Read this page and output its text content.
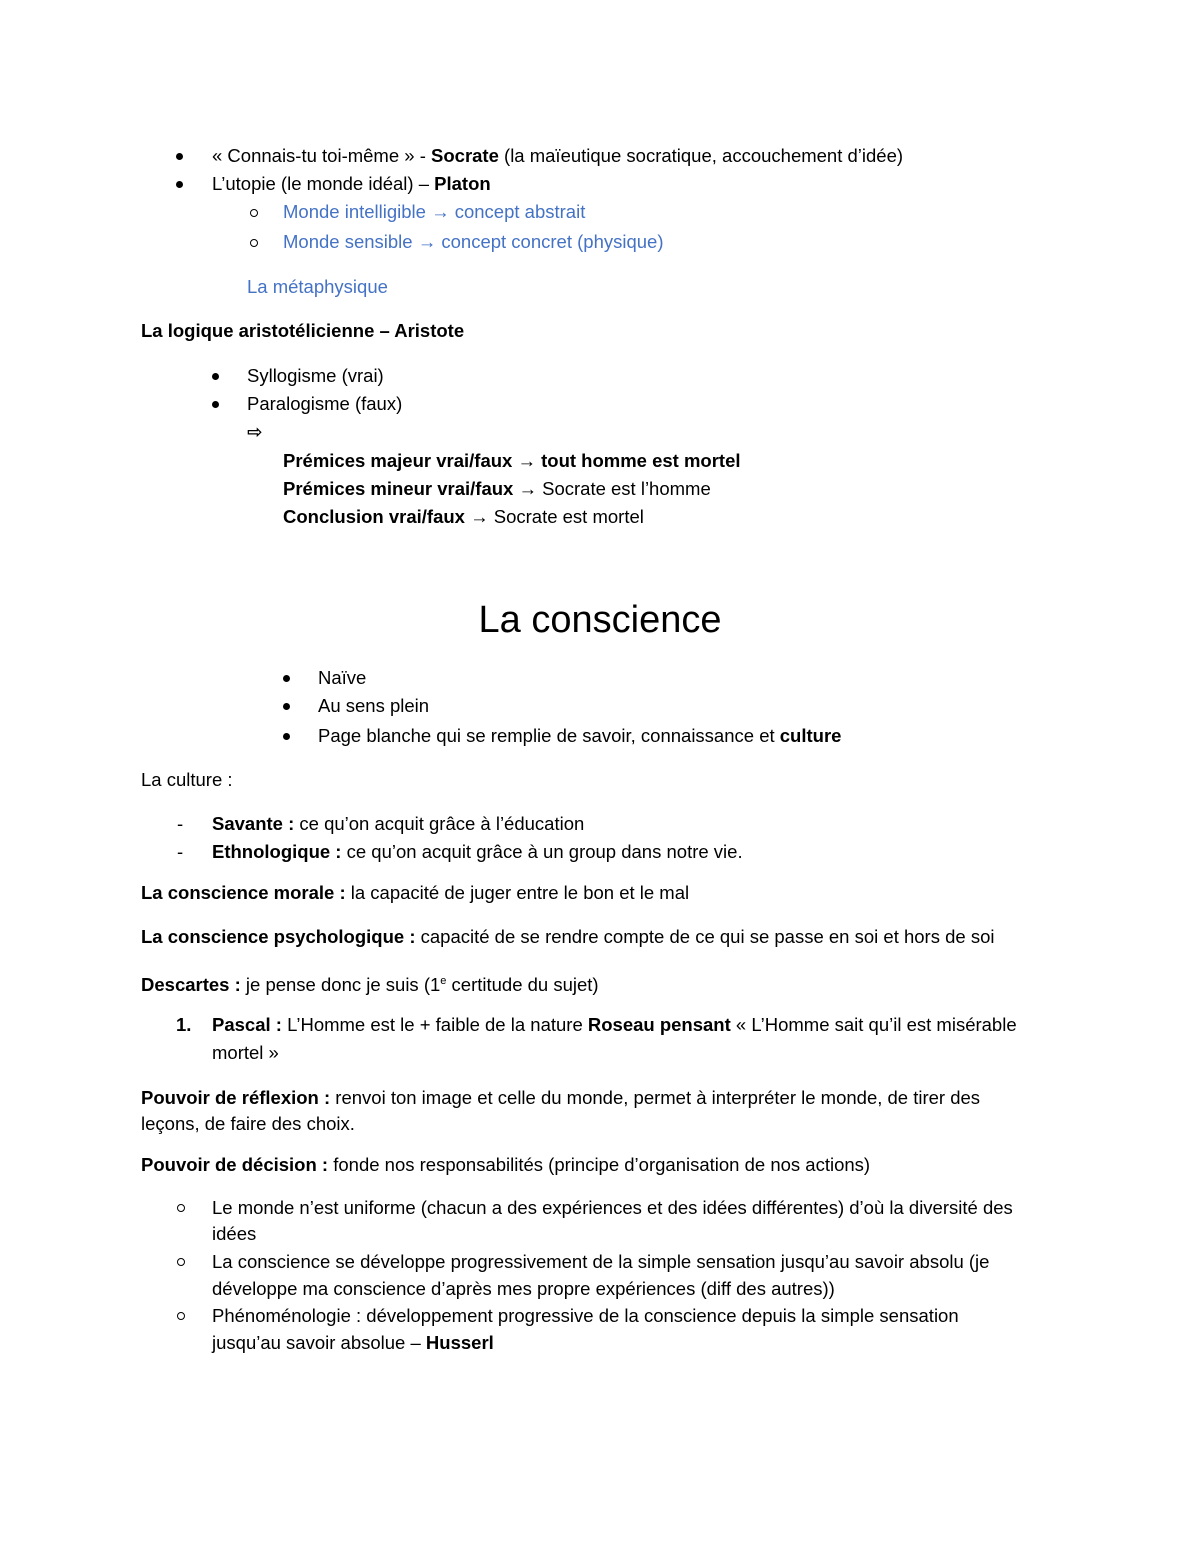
« Connais-tu toi-même » - Socrate (la maïeutique socratique, accouchement d’idée)
L’utopie (le monde idéal) – Platon
Monde intelligible → concept abstrait
Monde sensible → concept concret (physique)
La métaphysique
La logique aristotélicienne – Aristote
Syllogisme (vrai)
Paralogisme (faux)
⇨
Prémices majeur vrai/faux → tout homme est mortel
Prémices mineur vrai/faux → Socrate est l’homme
Conclusion vrai/faux → Socrate est mortel
La conscience
Naïve
Au sens plein
Page blanche qui se remplie de savoir, connaissance et culture
La culture :
- Savante : ce qu’on acquit grâce à l’éducation
- Ethnologique : ce qu’on acquit grâce à un group dans notre vie.
La conscience morale : la capacité de juger entre le bon et le mal
La conscience psychologique : capacité de se rendre compte de ce qui se passe en soi et hors de soi
Descartes : je pense donc je suis (1e certitude du sujet)
1. Pascal : L’Homme est le + faible de la nature Roseau pensant « L’Homme sait qu’il est misérable
mortel »
Pouvoir de réflexion : renvoi ton image et celle du monde, permet à interpréter le monde, de tirer des
leçons, de faire des choix.
Pouvoir de décision : fonde nos responsabilités (principe d’organisation de nos actions)
Le monde n’est uniforme (chacun a des expériences et des idées différentes) d’où la diversité des
idées
La conscience se développe progressivement de la simple sensation jusqu’au savoir absolu (je
développe ma conscience d’après mes propre expériences (diff des autres))
Phénoménologie : développement progressive de la conscience depuis la simple sensation
jusqu’au savoir absolue – Husserl
